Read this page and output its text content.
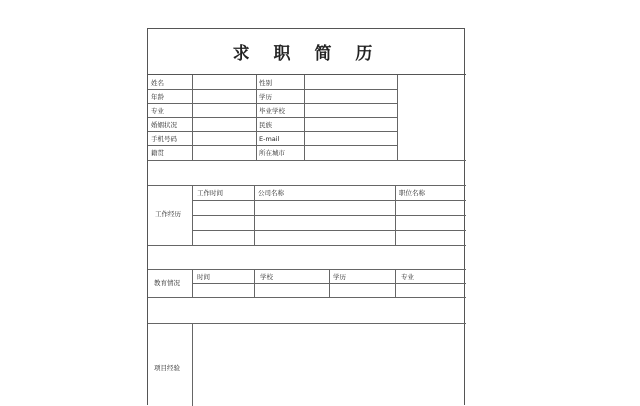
求 职 简 历
姓名	性别
年龄	学历
专业	毕业学校
婚姻状况	民族
手机号码	E-mail
籍贯	所在城市
工作经历
工作时间	公司名称	职位名称
教育情况
时间	学校	学历	专业
项目经验
